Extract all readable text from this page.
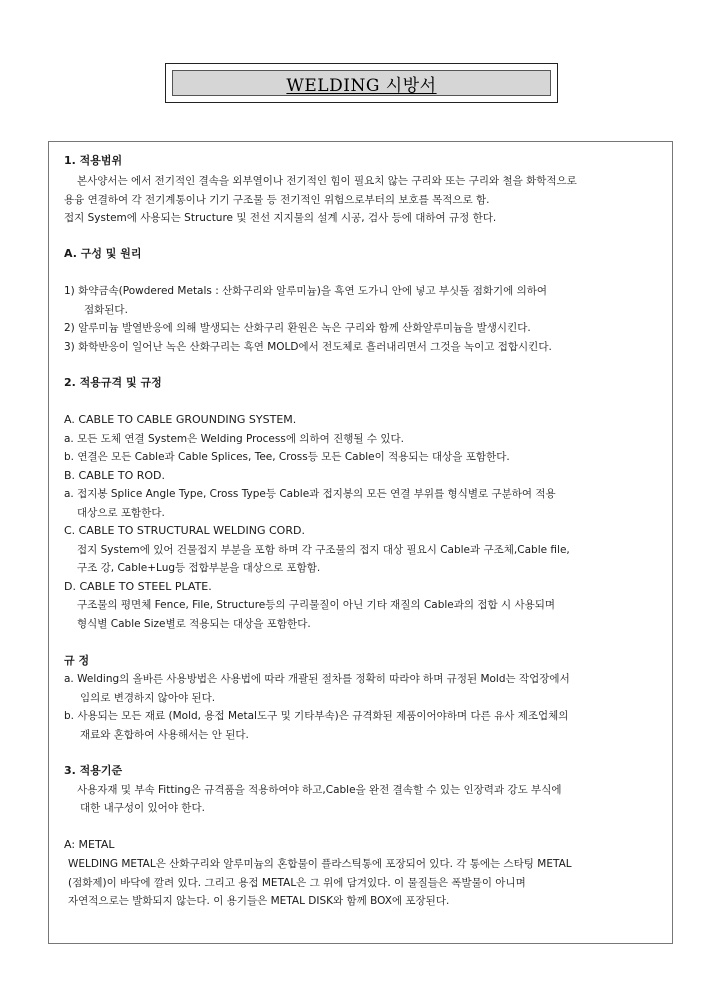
WELDING 시방서
1. 적용범위
본사양서는 에서 전기적인 결속을 외부열이나 전기적인 힘이 필요치 않는 구리와 또는 구리와 철을 화학적으로
용융 연결하여 각 전기계통이나 기기 구조물 등 전기적인 위험으로부터의 보호를 목적으로 함.
접지 System에 사용되는 Structure 및 전선 지지물의 설계 시공, 검사 등에 대하여 규정 한다.
A. 구성 및 원리
1) 화약금속(Powdered Metals : 산화구리와 알루미늄)을 흑연 도가니 안에 넣고 부싯돌 점화기에 의하여
점화된다.
2) 알루미늄 발열반응에 의해 발생되는 산화구리 환원은 녹은 구리와 함께 산화알루미늄을 발생시킨다.
3) 화학반응이 일어난 녹은 산화구리는 흑연 MOLD에서 전도체로 흘러내리면서 그것을 녹이고 접합시킨다.
2. 적용규격 및 규정
A. CABLE TO CABLE GROUNDING SYSTEM.
a. 모든 도체 연결 System은 Welding Process에 의하여 진행될 수 있다.
b. 연결은 모든 Cable과 Cable Splices, Tee, Cross등 모든 Cable이 적용되는 대상을 포함한다.
B. CABLE TO ROD.
a. 접지봉 Splice Angle Type, Cross Type등 Cable과 접지봉의 모든 연결 부위를 형식별로 구분하여 적용
대상으로 포함한다.
C. CABLE TO STRUCTURAL WELDING CORD.
접지 System에 있어 건물접지 부분을 포함 하며 각 구조물의 접지 대상 필요시 Cable과 구조체,Cable file,
구조 강, Cable+Lug등 접합부분을 대상으로 포함함.
D. CABLE TO STEEL PLATE.
구조물의 평면체 Fence, File, Structure등의 구리물질이 아닌 기타 재질의 Cable과의 접합 시 사용되며
형식별 Cable Size별로 적용되는 대상을 포함한다.
규 정
a. Welding의 올바른 사용방법은 사용법에 따라 개괄된 절차를 정확히 따라야 하며 규정된 Mold는 작업장에서
임의로 변경하지 않아야 된다.
b. 사용되는 모든 재료 (Mold, 용접 Metal도구 및 기타부속)은 규격화된 제품이어야하며 다른 유사 제조업체의
재료와 혼합하여 사용해서는 안 된다.
3. 적용기준
사용자재 및 부속 Fitting은 규격품을 적용하여야 하고,Cable을 완전 결속할 수 있는 인장력과 강도 부식에
대한 내구성이 있어야 한다.
A: METAL
WELDING METAL은 산화구리와 알루미늄의 혼합물이 플라스틱통에 포장되어 있다. 각 통에는 스타팅 METAL
(점화제)이 바닥에 깔려 있다. 그리고 용접 METAL은 그 위에 담겨있다. 이 물질들은 폭발물이 아니며
자연적으로는 발화되지 않는다. 이 용기들은 METAL DISK와 함께 BOX에 포장된다.
